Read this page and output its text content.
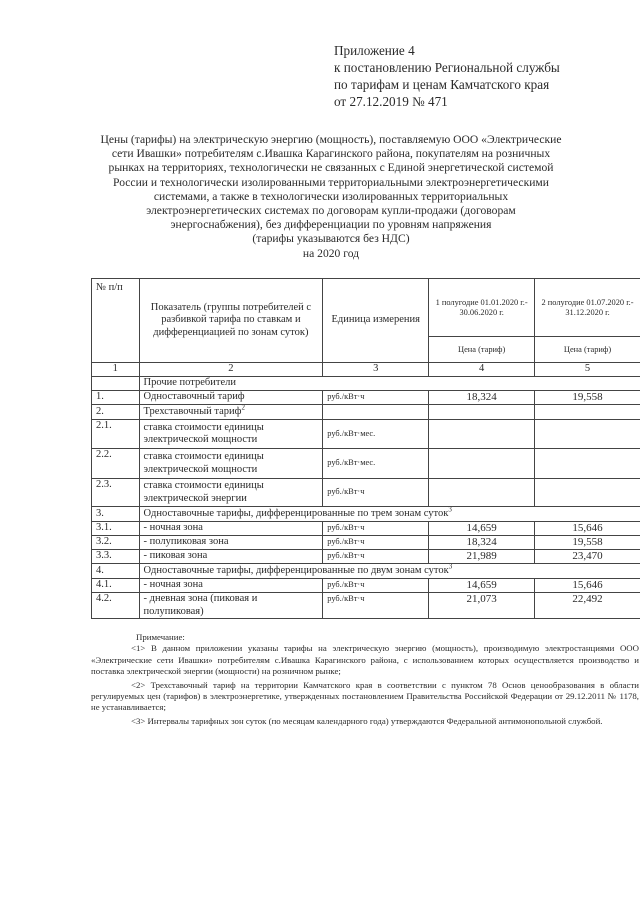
Приложение 4
к постановлению Региональной службы
по тарифам и ценам Камчатского края
от 27.12.2019 № 471
Цены (тарифы) на электрическую энергию (мощность), поставляемую ООО «Электрические
сети Ивашки» потребителям с.Ивашка Карагинского района, покупателям на розничных
рынках на территориях, технологически не связанных с Единой энергетической системой
России и технологически изолированными территориальными электроэнергетическими
системами, а также в технологически изолированных территориальных
электроэнергетических системах по договорам купли-продажи (договорам
энергоснабжения), без дифференциации по уровням напряжения
(тарифы указываются без НДС)
на 2020 год
№ п/п	Показатель (группы потребителей с разбивкой тарифа по ставкам и дифференциацией по зонам суток)	Единица измерения	1 полугодие 01.01.2020 г.- 30.06.2020 г.	2 полугодие 01.07.2020 г.- 31.12.2020 г.
			Цена (тариф)	Цена (тариф)
1	2	3	4	5
	Прочие потребители			
1.	Одноставочный тариф	руб./кВт·ч	18,324	19,558
2.	Трехставочный тариф$^2$			
2.1.	ставка стоимости единицы электрической мощности	руб./кВт·мес.		
2.2.	ставка стоимости единицы электрической мощности	руб./кВт·мес.		
2.3.	ставка стоимости единицы электрической энергии	руб./кВт·ч		
3.	Одноставочные тарифы, дифференцированные по трем зонам суток$^3$
3.1.	- ночная зона	руб./кВт·ч	14,659	15,646
3.2.	- полупиковая зона	руб./кВт·ч	18,324	19,558
3.3.	- пиковая зона	руб./кВт·ч	21,989	23,470
4.	Одноставочные тарифы, дифференцированные по двум зонам суток$^3$
4.1.	- ночная зона	руб./кВт·ч	14,659	15,646
4.2.	- дневная зона (пиковая и полупиковая)	руб./кВт·ч	21,073	22,492

Примечание:

<1> В данном приложении указаны тарифы на электрическую энергию (мощность), производимую электростанциями ООО «Электрические сети Ивашки» потребителям с.Ивашка Карагинского района, с использованием которых осуществляется производство и поставка электрической энергии (мощности) на розничном рынке;

<2> Трехставочный тариф на территории Камчатского края в соответствии с пунктом 78 Основ ценообразования в области регулируемых цен (тарифов) в электроэнергетике, утвержденных постановлением Правительства Российской Федерации от 29.12.2011 № 1178, не устанавливается;

<3> Интервалы тарифных зон суток (по месяцам календарного года) утверждаются Федеральной антимонопольной службой.
